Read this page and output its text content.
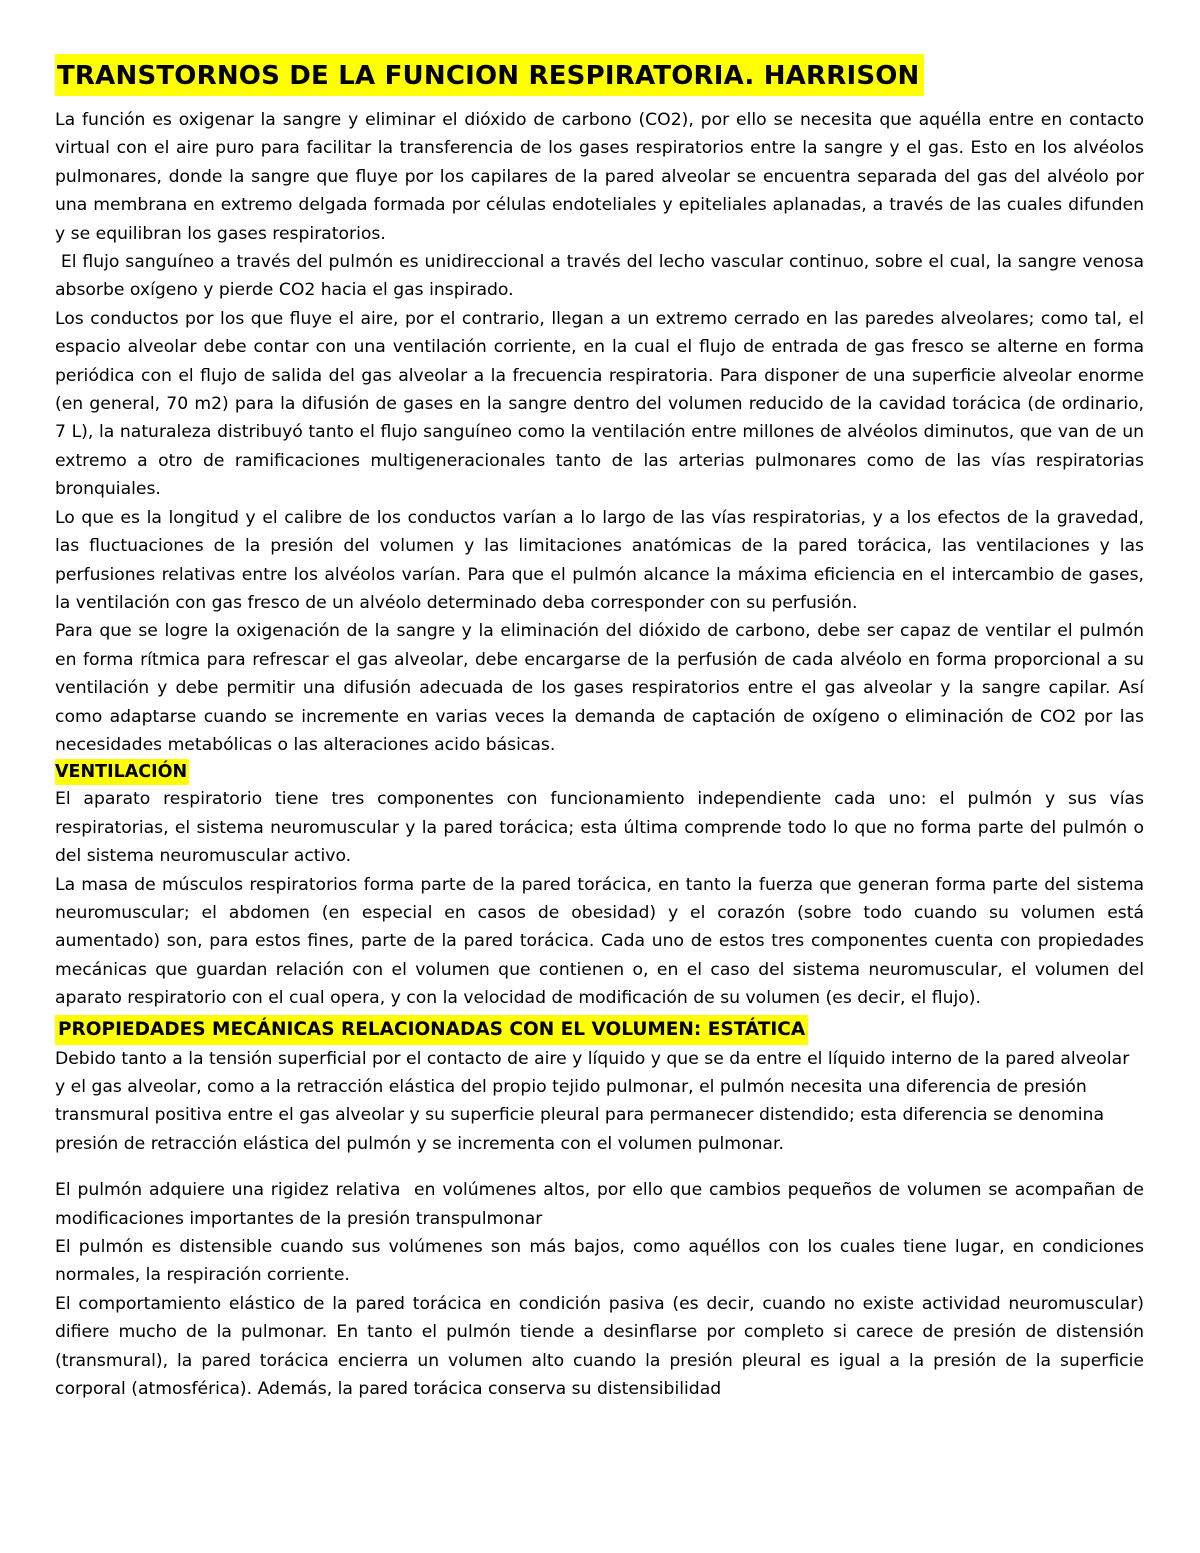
TRANSTORNOS DE LA FUNCION RESPIRATORIA. HARRISON

La función es oxigenar la sangre y eliminar el dióxido de carbono (CO2), por ello se necesita que aquélla entre en contacto virtual con el aire puro para facilitar la transferencia de los gases respiratorios entre la sangre y el gas. Esto en los alvéolos pulmonares, donde la sangre que fluye por los capilares de la pared alveolar se encuentra separada del gas del alvéolo por una membrana en extremo delgada formada por células endoteliales y epiteliales aplanadas, a través de las cuales difunden y se equilibran los gases respiratorios.

El flujo sanguíneo a través del pulmón es unidireccional a través del lecho vascular continuo, sobre el cual, la sangre venosa absorbe oxígeno y pierde CO2 hacia el gas inspirado.

Los conductos por los que fluye el aire, por el contrario, llegan a un extremo cerrado en las paredes alveolares; como tal, el espacio alveolar debe contar con una ventilación corriente, en la cual el flujo de entrada de gas fresco se alterne en forma periódica con el flujo de salida del gas alveolar a la frecuencia respiratoria. Para disponer de una superficie alveolar enorme (en general, 70 m2) para la difusión de gases en la sangre dentro del volumen reducido de la cavidad torácica (de ordinario, 7 L), la naturaleza distribuyó tanto el flujo sanguíneo como la ventilación entre millones de alvéolos diminutos, que van de un extremo a otro de ramificaciones multigeneracionales tanto de las arterias pulmonares como de las vías respiratorias bronquiales.

Lo que es la longitud y el calibre de los conductos varían a lo largo de las vías respiratorias, y a los efectos de la gravedad, las fluctuaciones de la presión del volumen y las limitaciones anatómicas de la pared torácica, las ventilaciones y las perfusiones relativas entre los alvéolos varían. Para que el pulmón alcance la máxima eficiencia en el intercambio de gases, la ventilación con gas fresco de un alvéolo determinado deba corresponder con su perfusión.

Para que se logre la oxigenación de la sangre y la eliminación del dióxido de carbono, debe ser capaz de ventilar el pulmón en forma rítmica para refrescar el gas alveolar, debe encargarse de la perfusión de cada alvéolo en forma proporcional a su ventilación y debe permitir una difusión adecuada de los gases respiratorios entre el gas alveolar y la sangre capilar. Así como adaptarse cuando se incremente en varias veces la demanda de captación de oxígeno o eliminación de CO2 por las necesidades metabólicas o las alteraciones acido básicas.

VENTILACIÓN

El aparato respiratorio tiene tres componentes con funcionamiento independiente cada uno: el pulmón y sus vías respiratorias, el sistema neuromuscular y la pared torácica; esta última comprende todo lo que no forma parte del pulmón o del sistema neuromuscular activo.

La masa de músculos respiratorios forma parte de la pared torácica, en tanto la fuerza que generan forma parte del sistema neuromuscular; el abdomen (en especial en casos de obesidad) y el corazón (sobre todo cuando su volumen está aumentado) son, para estos fines, parte de la pared torácica. Cada uno de estos tres componentes cuenta con propiedades mecánicas que guardan relación con el volumen que contienen o, en el caso del sistema neuromuscular, el volumen del aparato respiratorio con el cual opera, y con la velocidad de modificación de su volumen (es decir, el flujo).

PROPIEDADES MECÁNICAS RELACIONADAS CON EL VOLUMEN: ESTÁTICA

Debido tanto a la tensión superficial por el contacto de aire y líquido y que se da entre el líquido interno de la pared alveolar y el gas alveolar, como a la retracción elástica del propio tejido pulmonar, el pulmón necesita una diferencia de presión transmural positiva entre el gas alveolar y su superficie pleural para permanecer distendido; esta diferencia se denomina presión de retracción elástica del pulmón y se incrementa con el volumen pulmonar.

El pulmón adquiere una rigidez relativa  en volúmenes altos, por ello que cambios pequeños de volumen se acompañan de modificaciones importantes de la presión transpulmonar

El pulmón es distensible cuando sus volúmenes son más bajos, como aquéllos con los cuales tiene lugar, en condiciones normales, la respiración corriente.

El comportamiento elástico de la pared torácica en condición pasiva (es decir, cuando no existe actividad neuromuscular) difiere mucho de la pulmonar. En tanto el pulmón tiende a desinflarse por completo si carece de presión de distensión (transmural), la pared torácica encierra un volumen alto cuando la presión pleural es igual a la presión de la superficie corporal (atmosférica). Además, la pared torácica conserva su distensibilidad
